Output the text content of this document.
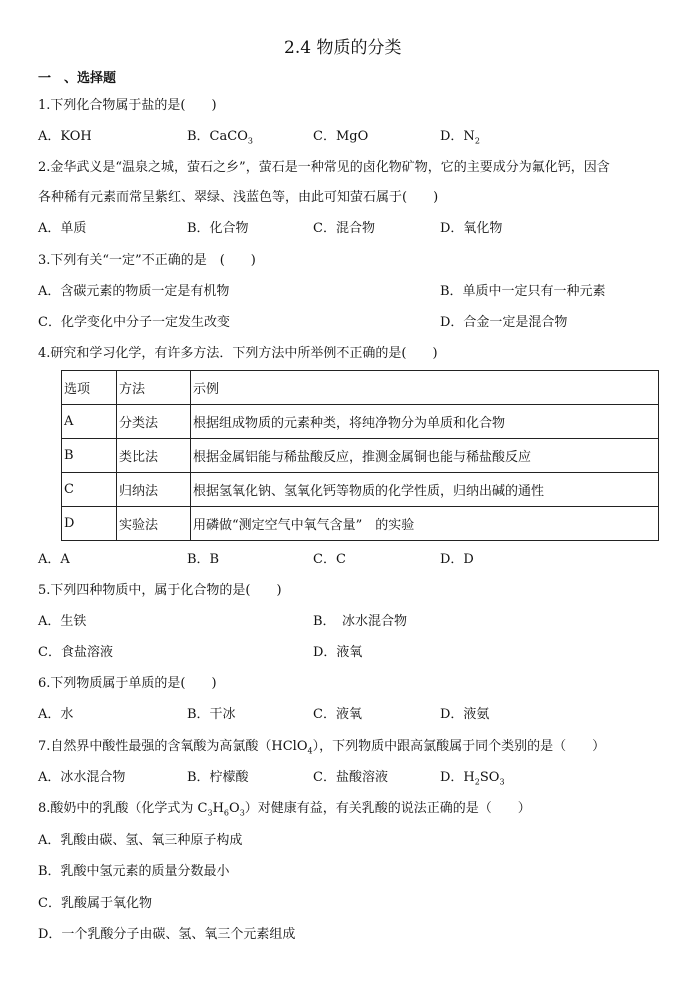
2.4 物质的分类
一　、选择题
1.下列化合物属于盐的是(　　)
A．KOH	B．CaCO$_3$	C．MgO	D．$N_2$
2.金华武义是“温泉之城，萤石之乡”，萤石是一种常见的卤化物矿物，它的主要成分为氟化钙，因含
各种稀有元素而常呈紫红、翠绿、浅蓝色等，由此可知萤石属于(　　)
A．单质	B．化合物	C．混合物	D．氧化物
3.下列有关“一定”不正确的是　(　　)
A．含碳元素的物质一定是有机物	B．单质中一定只有一种元素
C．化学变化中分子一定发生改变	D．合金一定是混合物
4.研究和学习化学，有许多方法．下列方法中所举例不正确的是(　　)
选项	方法	示例
A	分类法	根据组成物质的元素种类，将纯净物分为单质和化合物
B	类比法	根据金属铝能与稀盐酸反应，推测金属铜也能与稀盐酸反应
C	归纳法	根据氢氧化钠、氢氧化钙等物质的化学性质，归纳出碱的通性
D	实验法	用磷做“测定空气中氧气含量”　的实验
A．A	B．B	C．C	D．D
5.下列四种物质中，属于化合物的是(　　)
A．生铁	B．　冰水混合物
C．食盐溶液	D．液氧
6.下列物质属于单质的是(　　)
A．水	B．干冰	C．液氧	D．液氨
7.自然界中酸性最强的含氧酸为高氯酸（HClO$_4$），下列物质中跟高氯酸属于同个类别的是（　　）
A．冰水混合物	B．柠檬酸	C．盐酸溶液	D．$H_2SO_3$
8.酸奶中的乳酸（化学式为 $C_3H_6O_3$）对健康有益，有关乳酸的说法正确的是（　　）
A．乳酸由碳、氢、氧三种原子构成
B．乳酸中氢元素的质量分数最小
C．乳酸属于氧化物
D．一个乳酸分子由碳、氢、氧三个元素组成
